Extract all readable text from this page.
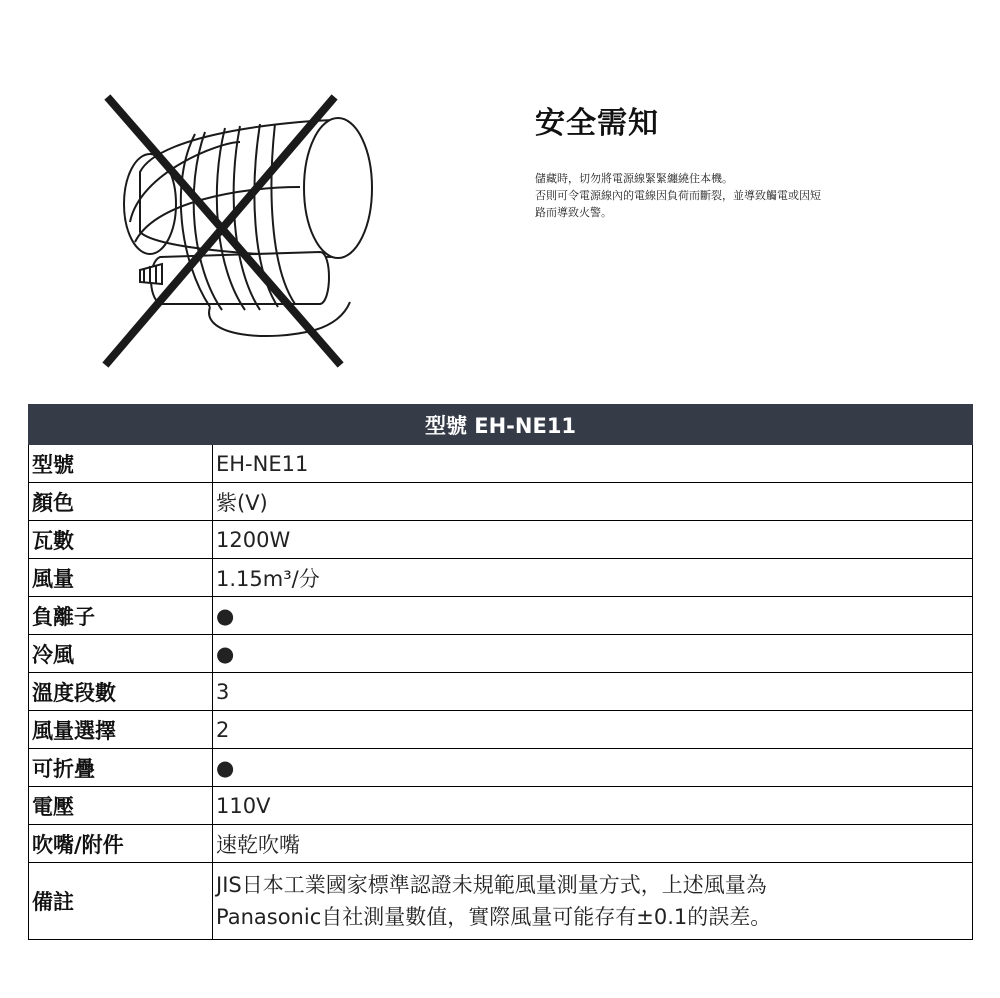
安全需知

儲藏時，切勿將電源線緊緊纏繞住本機。
否則可令電源線內的電線因負荷而斷裂，並導致觸電或因短
路而導致火警。

型號 EH-NE11	
型號	EH-NE11
顏色	紫(V)
瓦數	1200W
風量	1.15m³/分
負離子	●
冷風	●
溫度段數	3
風量選擇	2
可折疊	●
電壓	110V
吹嘴/附件	速乾吹嘴
備註	JIS日本工業國家標準認證未規範風量測量方式，上述風量為
Panasonic自社測量數值，實際風量可能存有±0.1的誤差。
